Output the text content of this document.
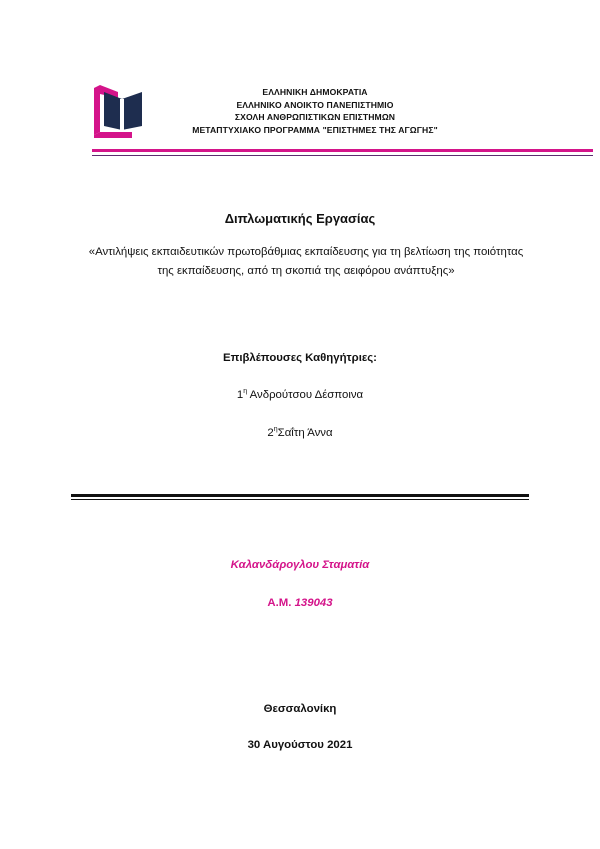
ΕΛΛΗΝΙΚΗ ΔΗΜΟΚΡΑΤΙΑ
ΕΛΛΗΝΙΚΟ ΑΝΟΙΚΤΟ ΠΑΝΕΠΙΣΤΗΜΙΟ
ΣΧΟΛΗ ΑΝΘΡΩΠΙΣΤΙΚΩΝ ΕΠΙΣΤΗΜΩΝ
ΜΕΤΑΠΤΥΧΙΑΚΟ ΠΡΟΓΡΑΜΜΑ "ΕΠΙΣΤΗΜΕΣ ΤΗΣ ΑΓΩΓΗΣ"
Διπλωματικής Εργασίας
«Αντιλήψεις εκπαιδευτικών πρωτοβάθμιας εκπαίδευσης για τη βελτίωση της ποιότητας της εκπαίδευσης, από τη σκοπιά της αειφόρου ανάπτυξης»
Επιβλέπουσες Καθηγήτριες:
$1^\eta$ Ανδρούτσου Δέσποινα
$2^\eta\Sigma\alpha ΐ\tau\eta$ Άννα
Καλανδάρογλου Σταματία
Α.Μ. 139043
Θεσσαλονίκη
30 Αυγούστου 2021
